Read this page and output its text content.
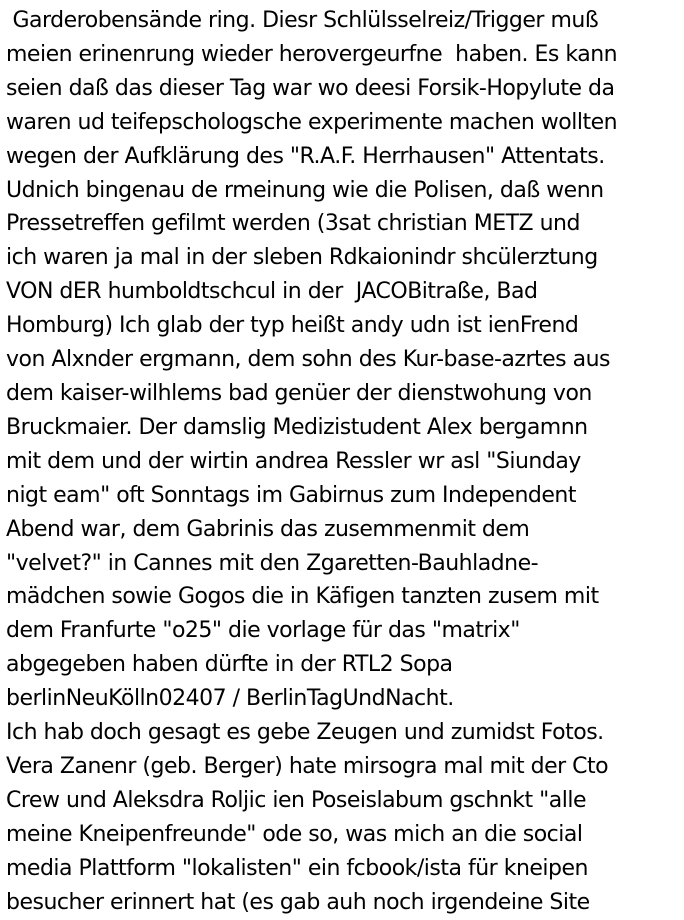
Garderobensände ring. Diesr Schlülsselreiz/Trigger muß
meien erinenrung wieder herovergeurfne  haben. Es kann
seien daß das dieser Tag war wo deesi Forsik-Hopylute da
waren ud teifepschologsche experimente machen wollten
wegen der Aufklärung des "R.A.F. Herrhausen" Attentats.
Udnich bingenau de rmeinung wie die Polisen, daß wenn
Pressetreffen gefilmt werden (3sat christian METZ und
ich waren ja mal in der sleben Rdkaionindr shcülerztung
VON dER humboldtschcul in der  JACOBitraße, Bad
Homburg) Ich glab der typ heißt andy udn ist ienFrend
von Alxnder ergmann, dem sohn des Kur-base-azrtes aus
dem kaiser-wilhlems bad genüer der dienstwohung von
Bruckmaier. Der damslig Medizistudent Alex bergamnn
mit dem und der wirtin andrea Ressler wr asl "Siunday
nigt eam" oft Sonntags im Gabirnus zum Independent
Abend war, dem Gabrinis das zusemmenmit dem
"velvet?" in Cannes mit den Zgaretten-Bauhladne-
mädchen sowie Gogos die in Käfigen tanzten zusem mit
dem Franfurte "o25" die vorlage für das "matrix"
abgegeben haben dürfte in der RTL2 Sopa
berlinNeuKölln02407 / BerlinTagUndNacht.
Ich hab doch gesagt es gebe Zeugen und zumidst Fotos.
Vera Zanenr (geb. Berger) hate mirsogra mal mit der Cto
Crew und Aleksdra Roljic ien Poseislabum gschnkt "alle
meine Kneipenfreunde" ode so, was mich an die social
media Plattform "lokalisten" ein fcbook/ista für kneipen
besucher erinnert hat (es gab auh noch irgendeine Site
